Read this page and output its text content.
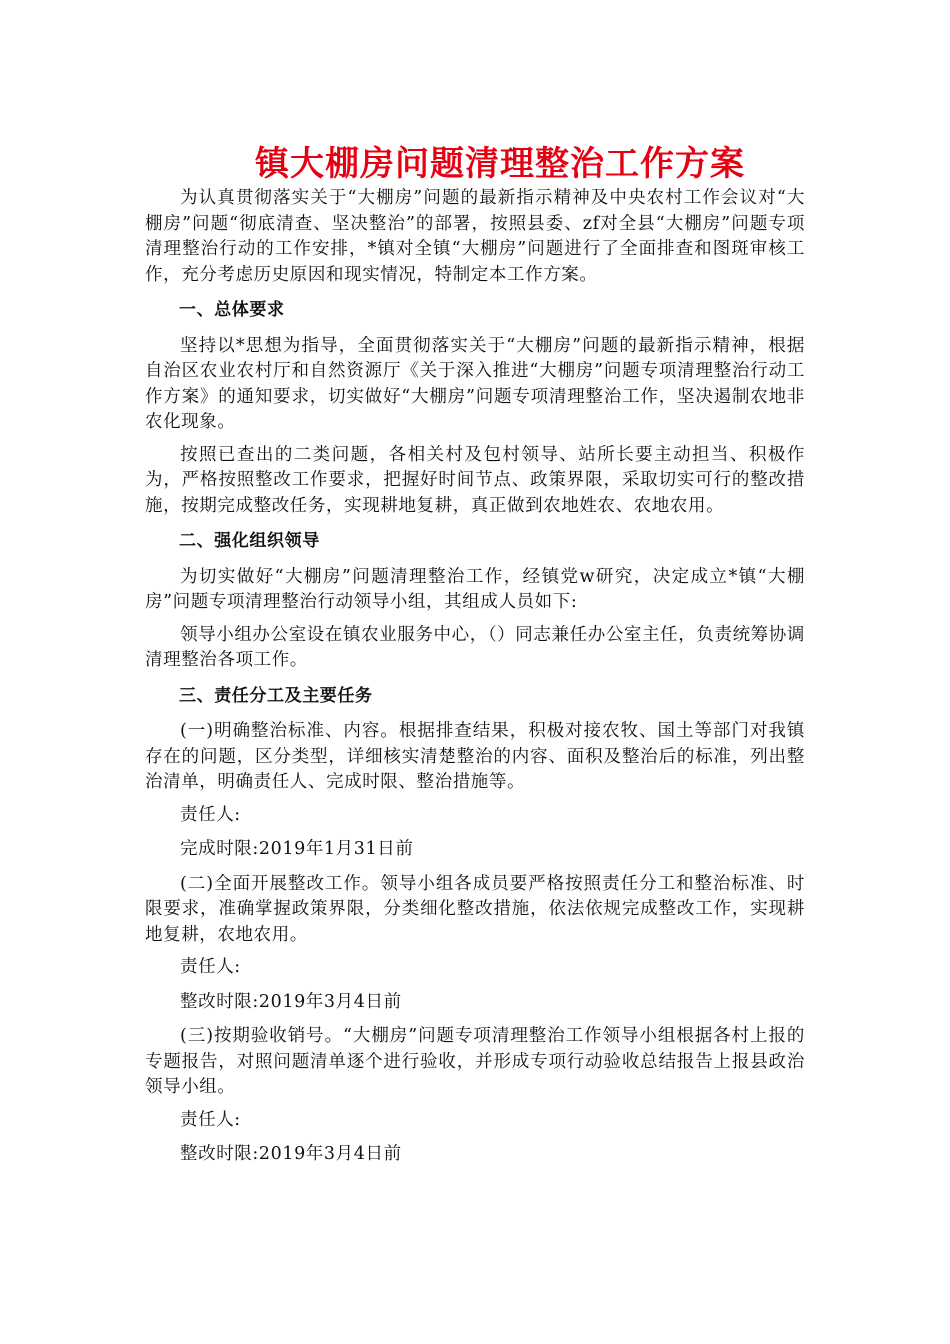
镇大棚房问题清理整治工作方案

为认真贯彻落实关于“大棚房”问题的最新指示精神及中央农村工作会议对“大棚房”问题“彻底清查、坚决整治”的部署，按照县委、zf对全县“大棚房”问题专项清理整治行动的工作安排，*镇对全镇“大棚房”问题进行了全面排查和图斑审核工作，充分考虑历史原因和现实情况，特制定本工作方案。

一、总体要求

坚持以*思想为指导，全面贯彻落实关于“大棚房”问题的最新指示精神，根据自治区农业农村厅和自然资源厅《关于深入推进“大棚房”问题专项清理整治行动工作方案》的通知要求，切实做好“大棚房”问题专项清理整治工作，坚决遏制农地非农化现象。

按照已查出的二类问题，各相关村及包村领导、站所长要主动担当、积极作为，严格按照整改工作要求，把握好时间节点、政策界限，采取切实可行的整改措施，按期完成整改任务，实现耕地复耕，真正做到农地姓农、农地农用。

二、强化组织领导

为切实做好“大棚房”问题清理整治工作，经镇党w研究，决定成立*镇“大棚房”问题专项清理整治行动领导小组，其组成人员如下:

领导小组办公室设在镇农业服务中心，（）同志兼任办公室主任，负责统筹协调清理整治各项工作。

三、责任分工及主要任务

(一)明确整治标准、内容。根据排查结果，积极对接农牧、国土等部门对我镇存在的问题，区分类型，详细核实清楚整治的内容、面积及整治后的标准，列出整治清单，明确责任人、完成时限、整治措施等。

责任人:
完成时限:2019年1月31日前

(二)全面开展整改工作。领导小组各成员要严格按照责任分工和整治标准、时限要求，准确掌握政策界限，分类细化整改措施，依法依规完成整改工作，实现耕地复耕，农地农用。

责任人:
整改时限:2019年3月4日前

(三)按期验收销号。“大棚房”问题专项清理整治工作领导小组根据各村上报的专题报告，对照问题清单逐个进行验收，并形成专项行动验收总结报告上报县政治领导小组。

责任人:
整改时限:2019年3月4日前
